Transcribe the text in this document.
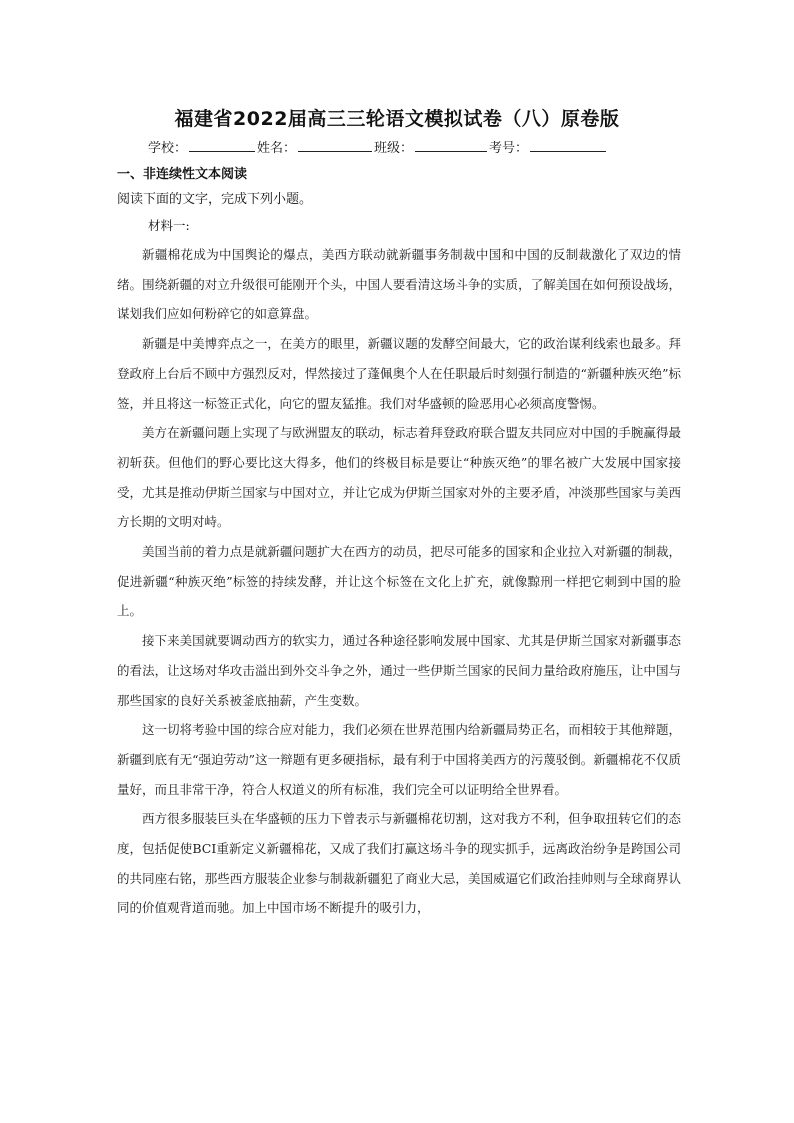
福建省2022届高三三轮语文模拟试卷（八）原卷版
学校：	姓名：	班级：	考号：
一、非连续性文本阅读
阅读下面的文字，完成下列小题。
材料一:

新疆棉花成为中国舆论的爆点，美西方联动就新疆事务制裁中国和中国的反制裁激化了双边的情绪。围绕新疆的对立升级很可能刚开个头，中国人要看清这场斗争的实质，了解美国在如何预设战场，谋划我们应如何粉碎它的如意算盘。

新疆是中美博弈点之一，在美方的眼里，新疆议题的发酵空间最大，它的政治谋利线索也最多。拜登政府上台后不顾中方强烈反对，悍然接过了蓬佩奥个人在任职最后时刻强行制造的“新疆种族灭绝”标签，并且将这一标签正式化，向它的盟友猛推。我们对华盛顿的险恶用心必须高度警惕。

美方在新疆问题上实现了与欧洲盟友的联动，标志着拜登政府联合盟友共同应对中国的手腕赢得最初斩获。但他们的野心要比这大得多，他们的终极目标是要让“种族灭绝”的罪名被广大发展中国家接受，尤其是推动伊斯兰国家与中国对立，并让它成为伊斯兰国家对外的主要矛盾，冲淡那些国家与美西方长期的文明对峙。

美国当前的着力点是就新疆问题扩大在西方的动员，把尽可能多的国家和企业拉入对新疆的制裁，促进新疆“种族灭绝”标签的持续发酵，并让这个标签在文化上扩充，就像黥刑一样把它刺到中国的脸上。

接下来美国就要调动西方的软实力，通过各种途径影响发展中国家、尤其是伊斯兰国家对新疆事态的看法，让这场对华攻击溢出到外交斗争之外，通过一些伊斯兰国家的民间力量给政府施压，让中国与那些国家的良好关系被釜底抽薪，产生变数。

这一切将考验中国的综合应对能力，我们必须在世界范围内给新疆局势正名，而相较于其他辩题，新疆到底有无“强迫劳动”这一辩题有更多硬指标，最有利于中国将美西方的污蔑驳倒。新疆棉花不仅质量好，而且非常干净，符合人权道义的所有标准，我们完全可以证明给全世界看。

西方很多服装巨头在华盛顿的压力下曾表示与新疆棉花切割，这对我方不利，但争取扭转它们的态度，包括促使BCI重新定义新疆棉花，又成了我们打赢这场斗争的现实抓手，远离政治纷争是跨国公司的共同座右铭，那些西方服装企业参与制裁新疆犯了商业大忌，美国威逼它们政治挂帅则与全球商界认同的价值观背道而驰。加上中国市场不断提升的吸引力，
